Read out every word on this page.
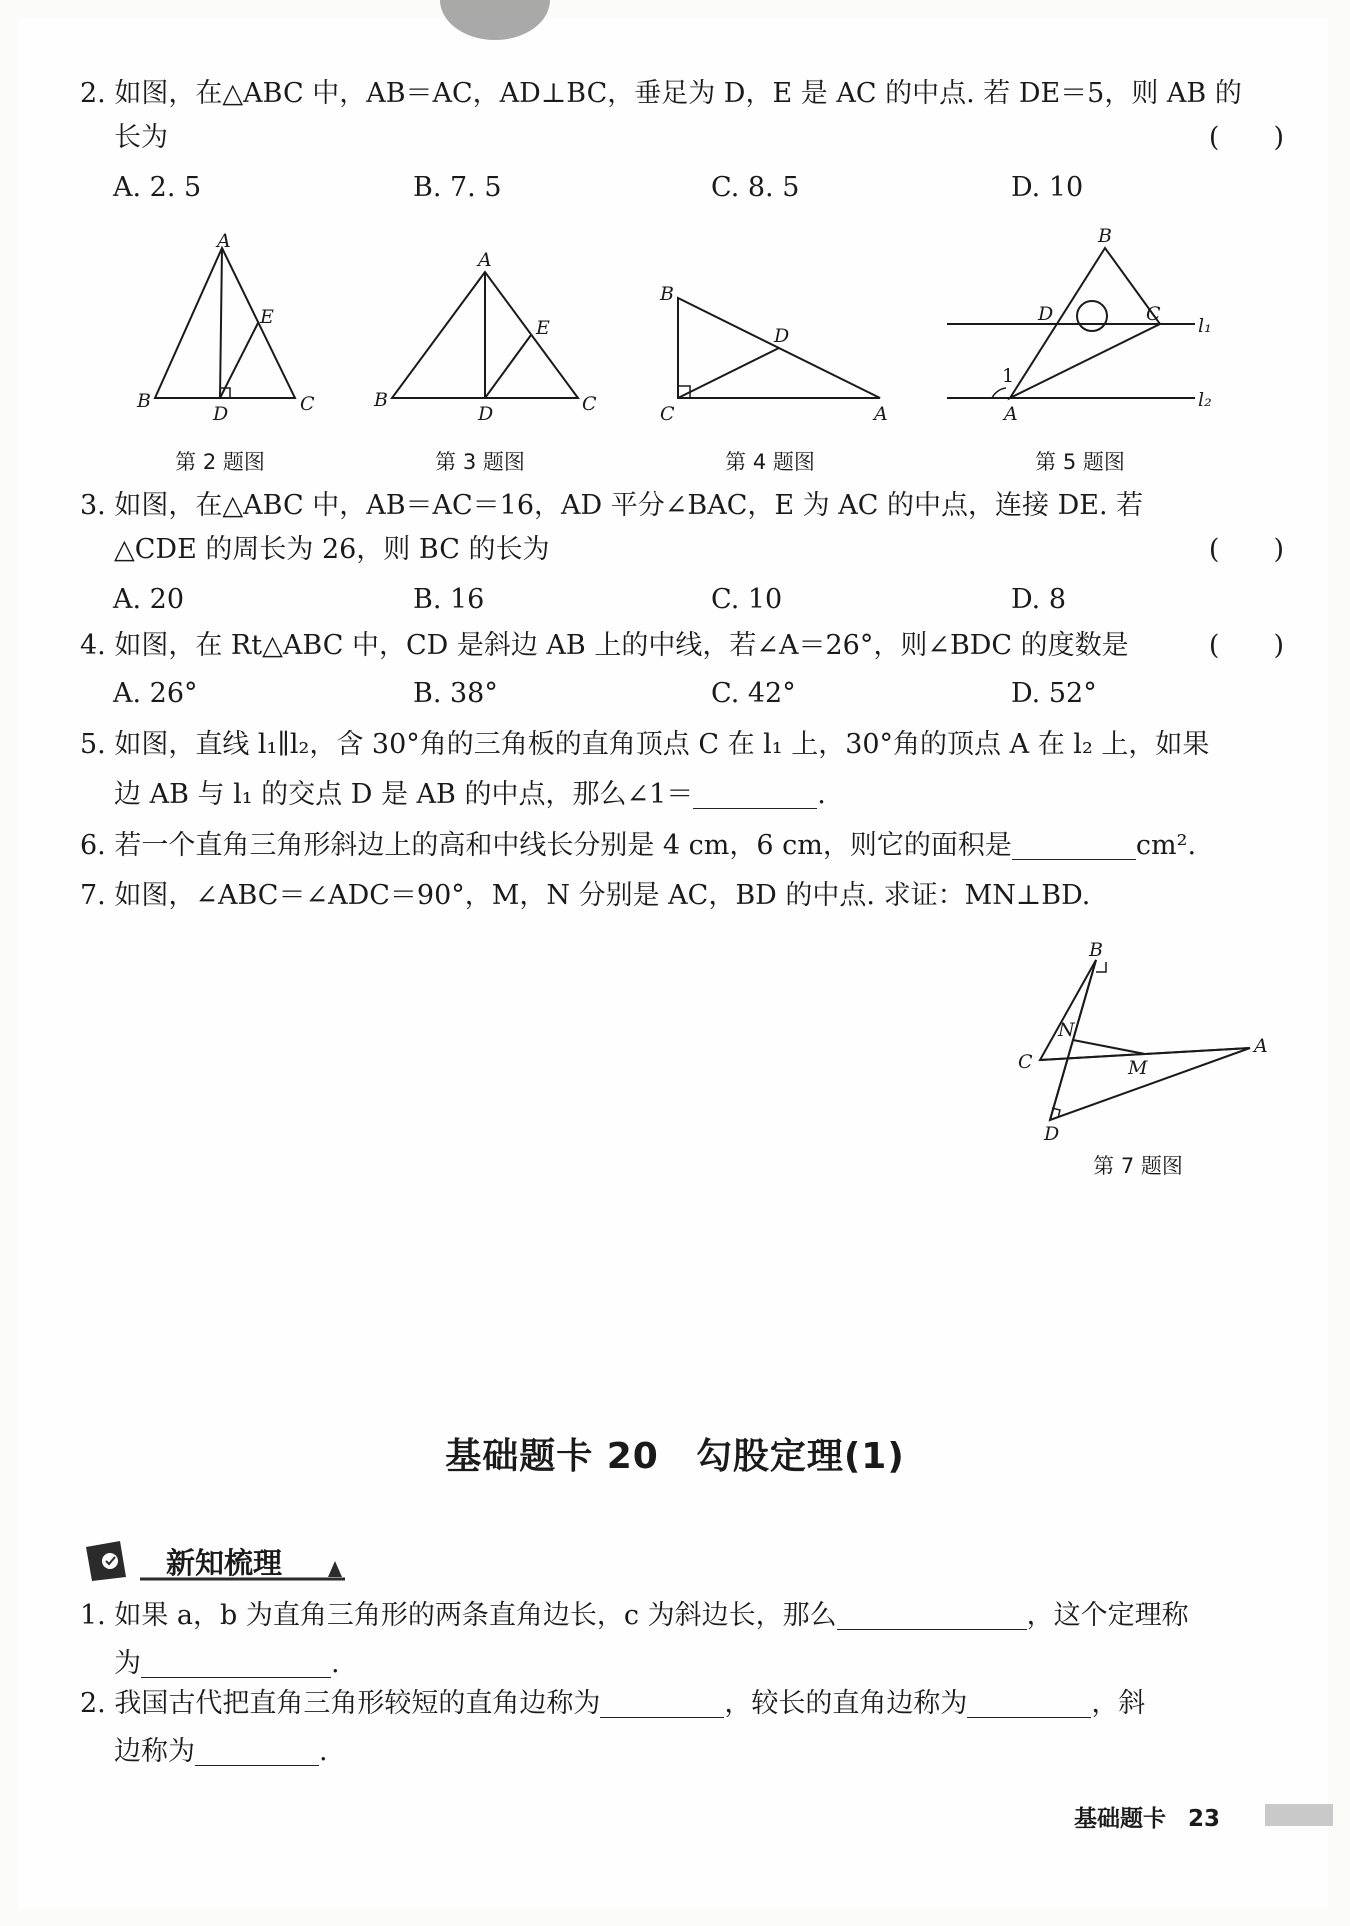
2. 如图，在△ABC 中，AB＝AC，AD⊥BC，垂足为 D，E 是 AC 的中点. 若 DE＝5，则 AB 的
长为	(　　)
A. 2. 5	B. 7. 5	C. 8. 5	D. 10
A
E
B
D	C
A
E
B
D	C
B
D
C	A
B
D	C
l₁
1
A
l₂
第 2 题图	第 3 题图	第 4 题图	第 5 题图
3. 如图，在△ABC 中，AB＝AC＝16，AD 平分∠BAC，E 为 AC 的中点，连接 DE. 若
△CDE 的周长为 26，则 BC 的长为	(　　)
A. 20	B. 16	C. 10	D. 8
4. 如图，在 Rt△ABC 中，CD 是斜边 AB 上的中线，若∠A＝26°，则∠BDC 的度数是	(　　)
A. 26°	B. 38°	C. 42°	D. 52°
5. 如图，直线 l₁∥l₂，含 30°角的三角板的直角顶点 C 在 l₁ 上，30°角的顶点 A 在 l₂ 上，如果
边 AB 与 l₁ 的交点 D 是 AB 的中点，那么∠1＝	.
6. 若一个直角三角形斜边上的高和中线长分别是 4 cm，6 cm，则它的面积是	cm².
7. 如图，∠ABC＝∠ADC＝90°，M，N 分别是 AC，BD 的中点. 求证：MN⊥BD.
B
N
C	M
A
D
第 7 题图
基础题卡 20　勾股定理(1)
新知梳理
1. 如果 a，b 为直角三角形的两条直角边长，c 为斜边长，那么	，这个定理称
为	.
2. 我国古代把直角三角形较短的直角边称为	，较长的直角边称为	，斜
边称为	.
基础题卡 23
